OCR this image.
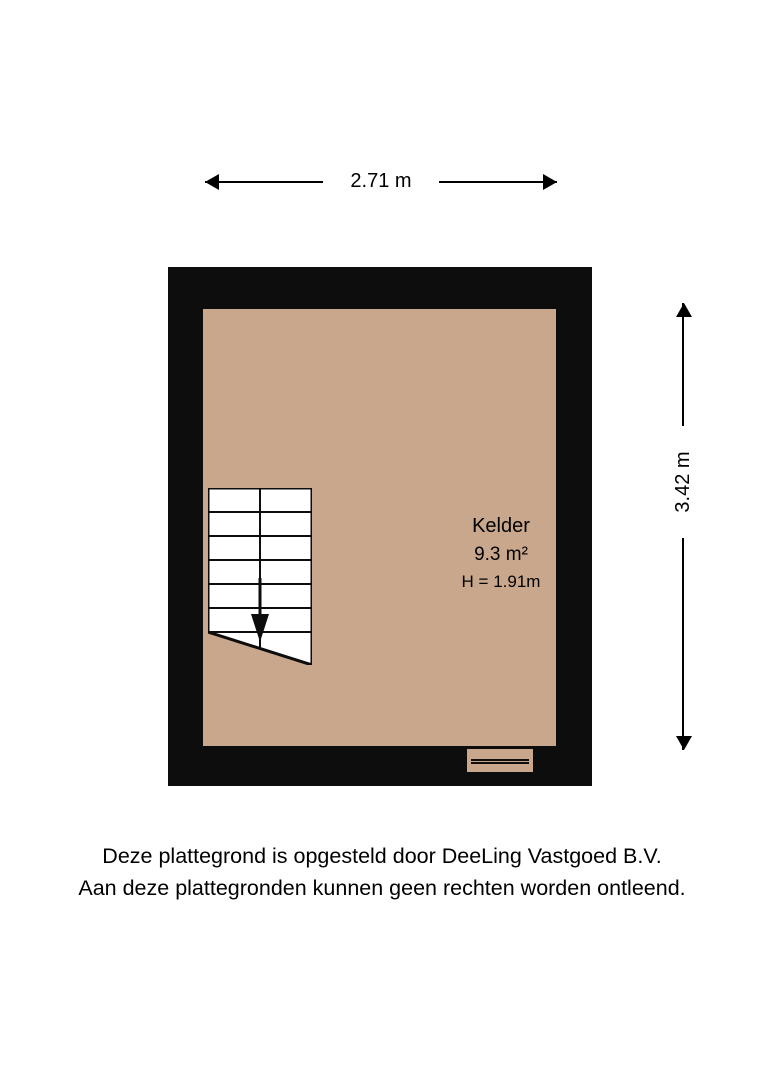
2.71 m
3.42 m
Kelder
9.3 m²
H = 1.91m
Deze plattegrond is opgesteld door DeeLing Vastgoed B.V.
Aan deze plattegronden kunnen geen rechten worden ontleend.
